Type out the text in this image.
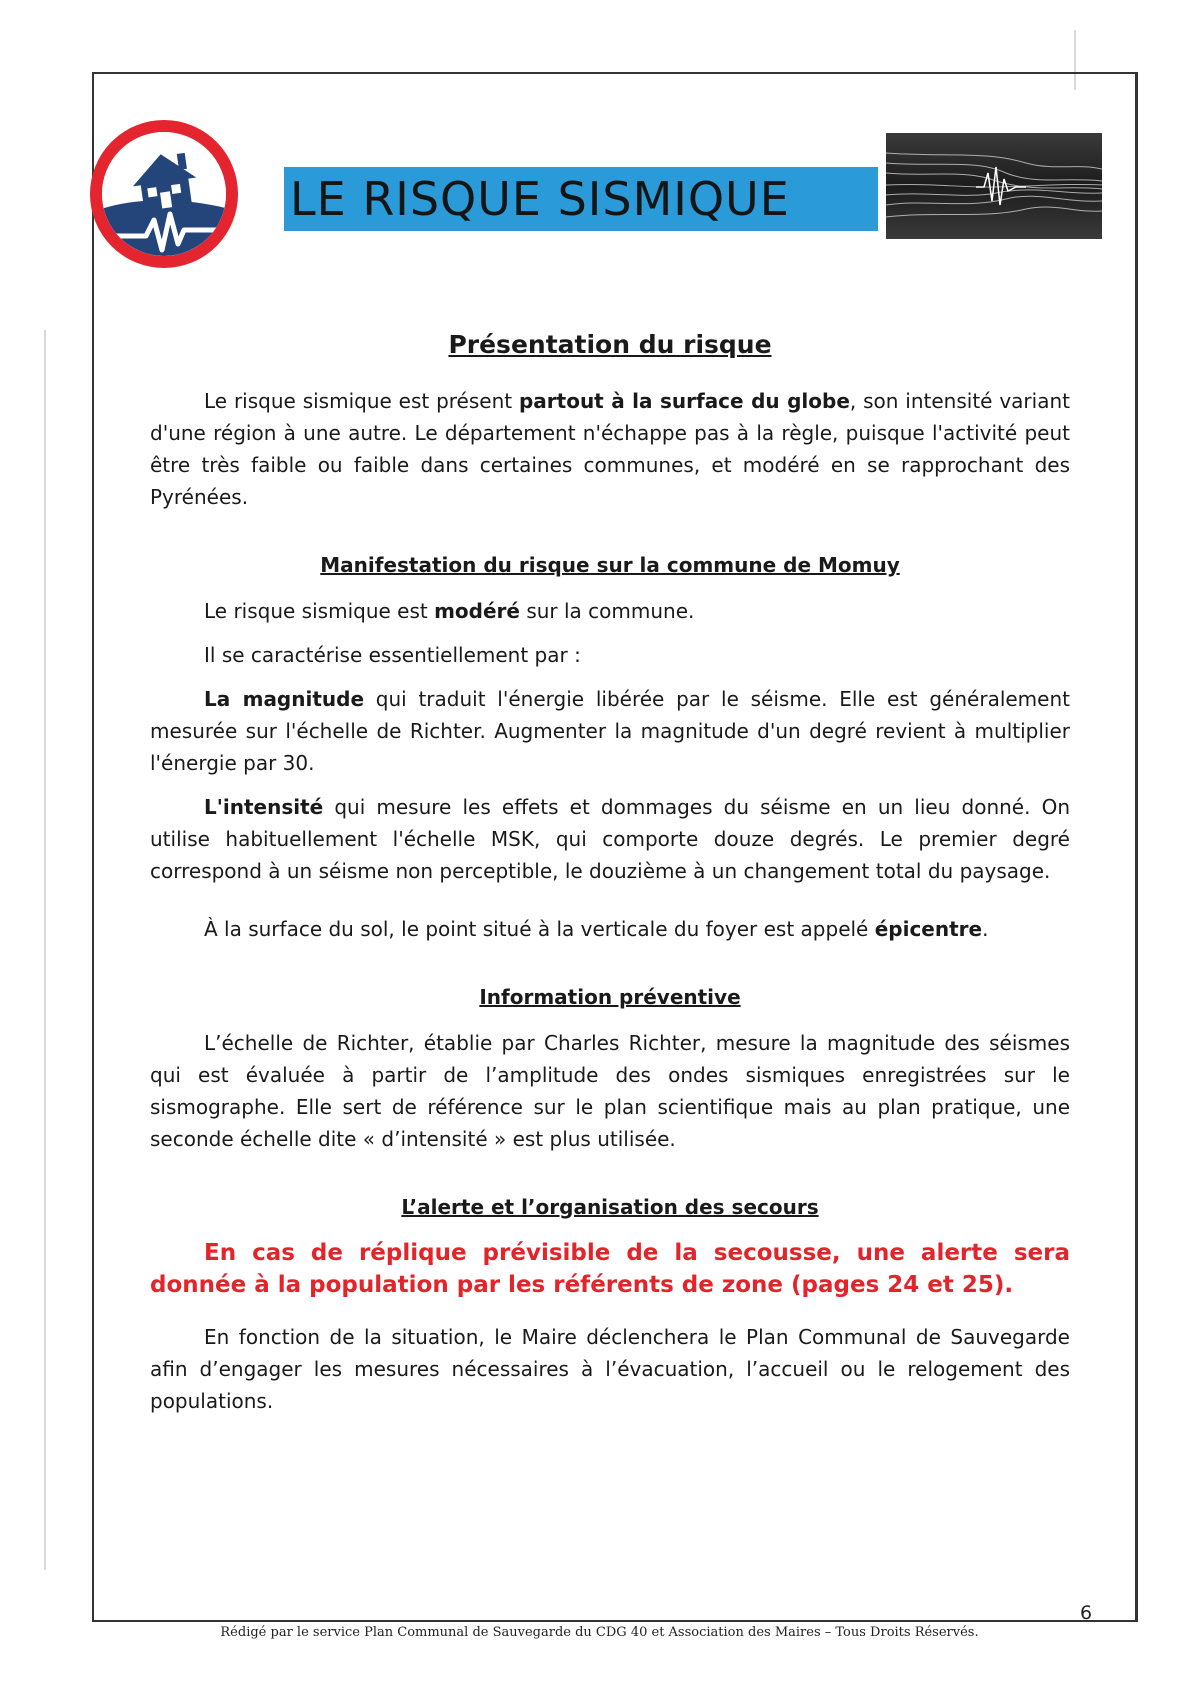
LE RISQUE SISMIQUE
Présentation du risque

Le risque sismique est présent partout à la surface du globe, son intensité variant d'une région à une autre. Le département n'échappe pas à la règle, puisque l'activité peut être très faible ou faible dans certaines communes, et modéré en se rapprochant des Pyrénées.

Manifestation du risque sur la commune de Momuy

Le risque sismique est modéré sur la commune.

Il se caractérise essentiellement par :

La magnitude qui traduit l'énergie libérée par le séisme. Elle est généralement mesurée sur l'échelle de Richter. Augmenter la magnitude d'un degré revient à multiplier l'énergie par 30.

L'intensité qui mesure les effets et dommages du séisme en un lieu donné. On utilise habituellement l'échelle MSK, qui comporte douze degrés. Le premier degré correspond à un séisme non perceptible, le douzième à un changement total du paysage.

À la surface du sol, le point situé à la verticale du foyer est appelé épicentre.

Information préventive

L’échelle de Richter, établie par Charles Richter, mesure la magnitude des séismes qui est évaluée à partir de l’amplitude des ondes sismiques enregistrées sur le sismographe. Elle sert de référence sur le plan scientifique mais au plan pratique, une seconde échelle dite « d’intensité » est plus utilisée.

L’alerte et l’organisation des secours

En cas de réplique prévisible de la secousse, une alerte sera donnée à la population par les référents de zone (pages 24 et 25).

En fonction de la situation, le Maire déclenchera le Plan Communal de Sauvegarde afin d’engager les mesures nécessaires à l’évacuation, l’accueil ou le relogement des populations.

6
Rédigé par le service Plan Communal de Sauvegarde du CDG 40 et Association des Maires – Tous Droits Réservés.
